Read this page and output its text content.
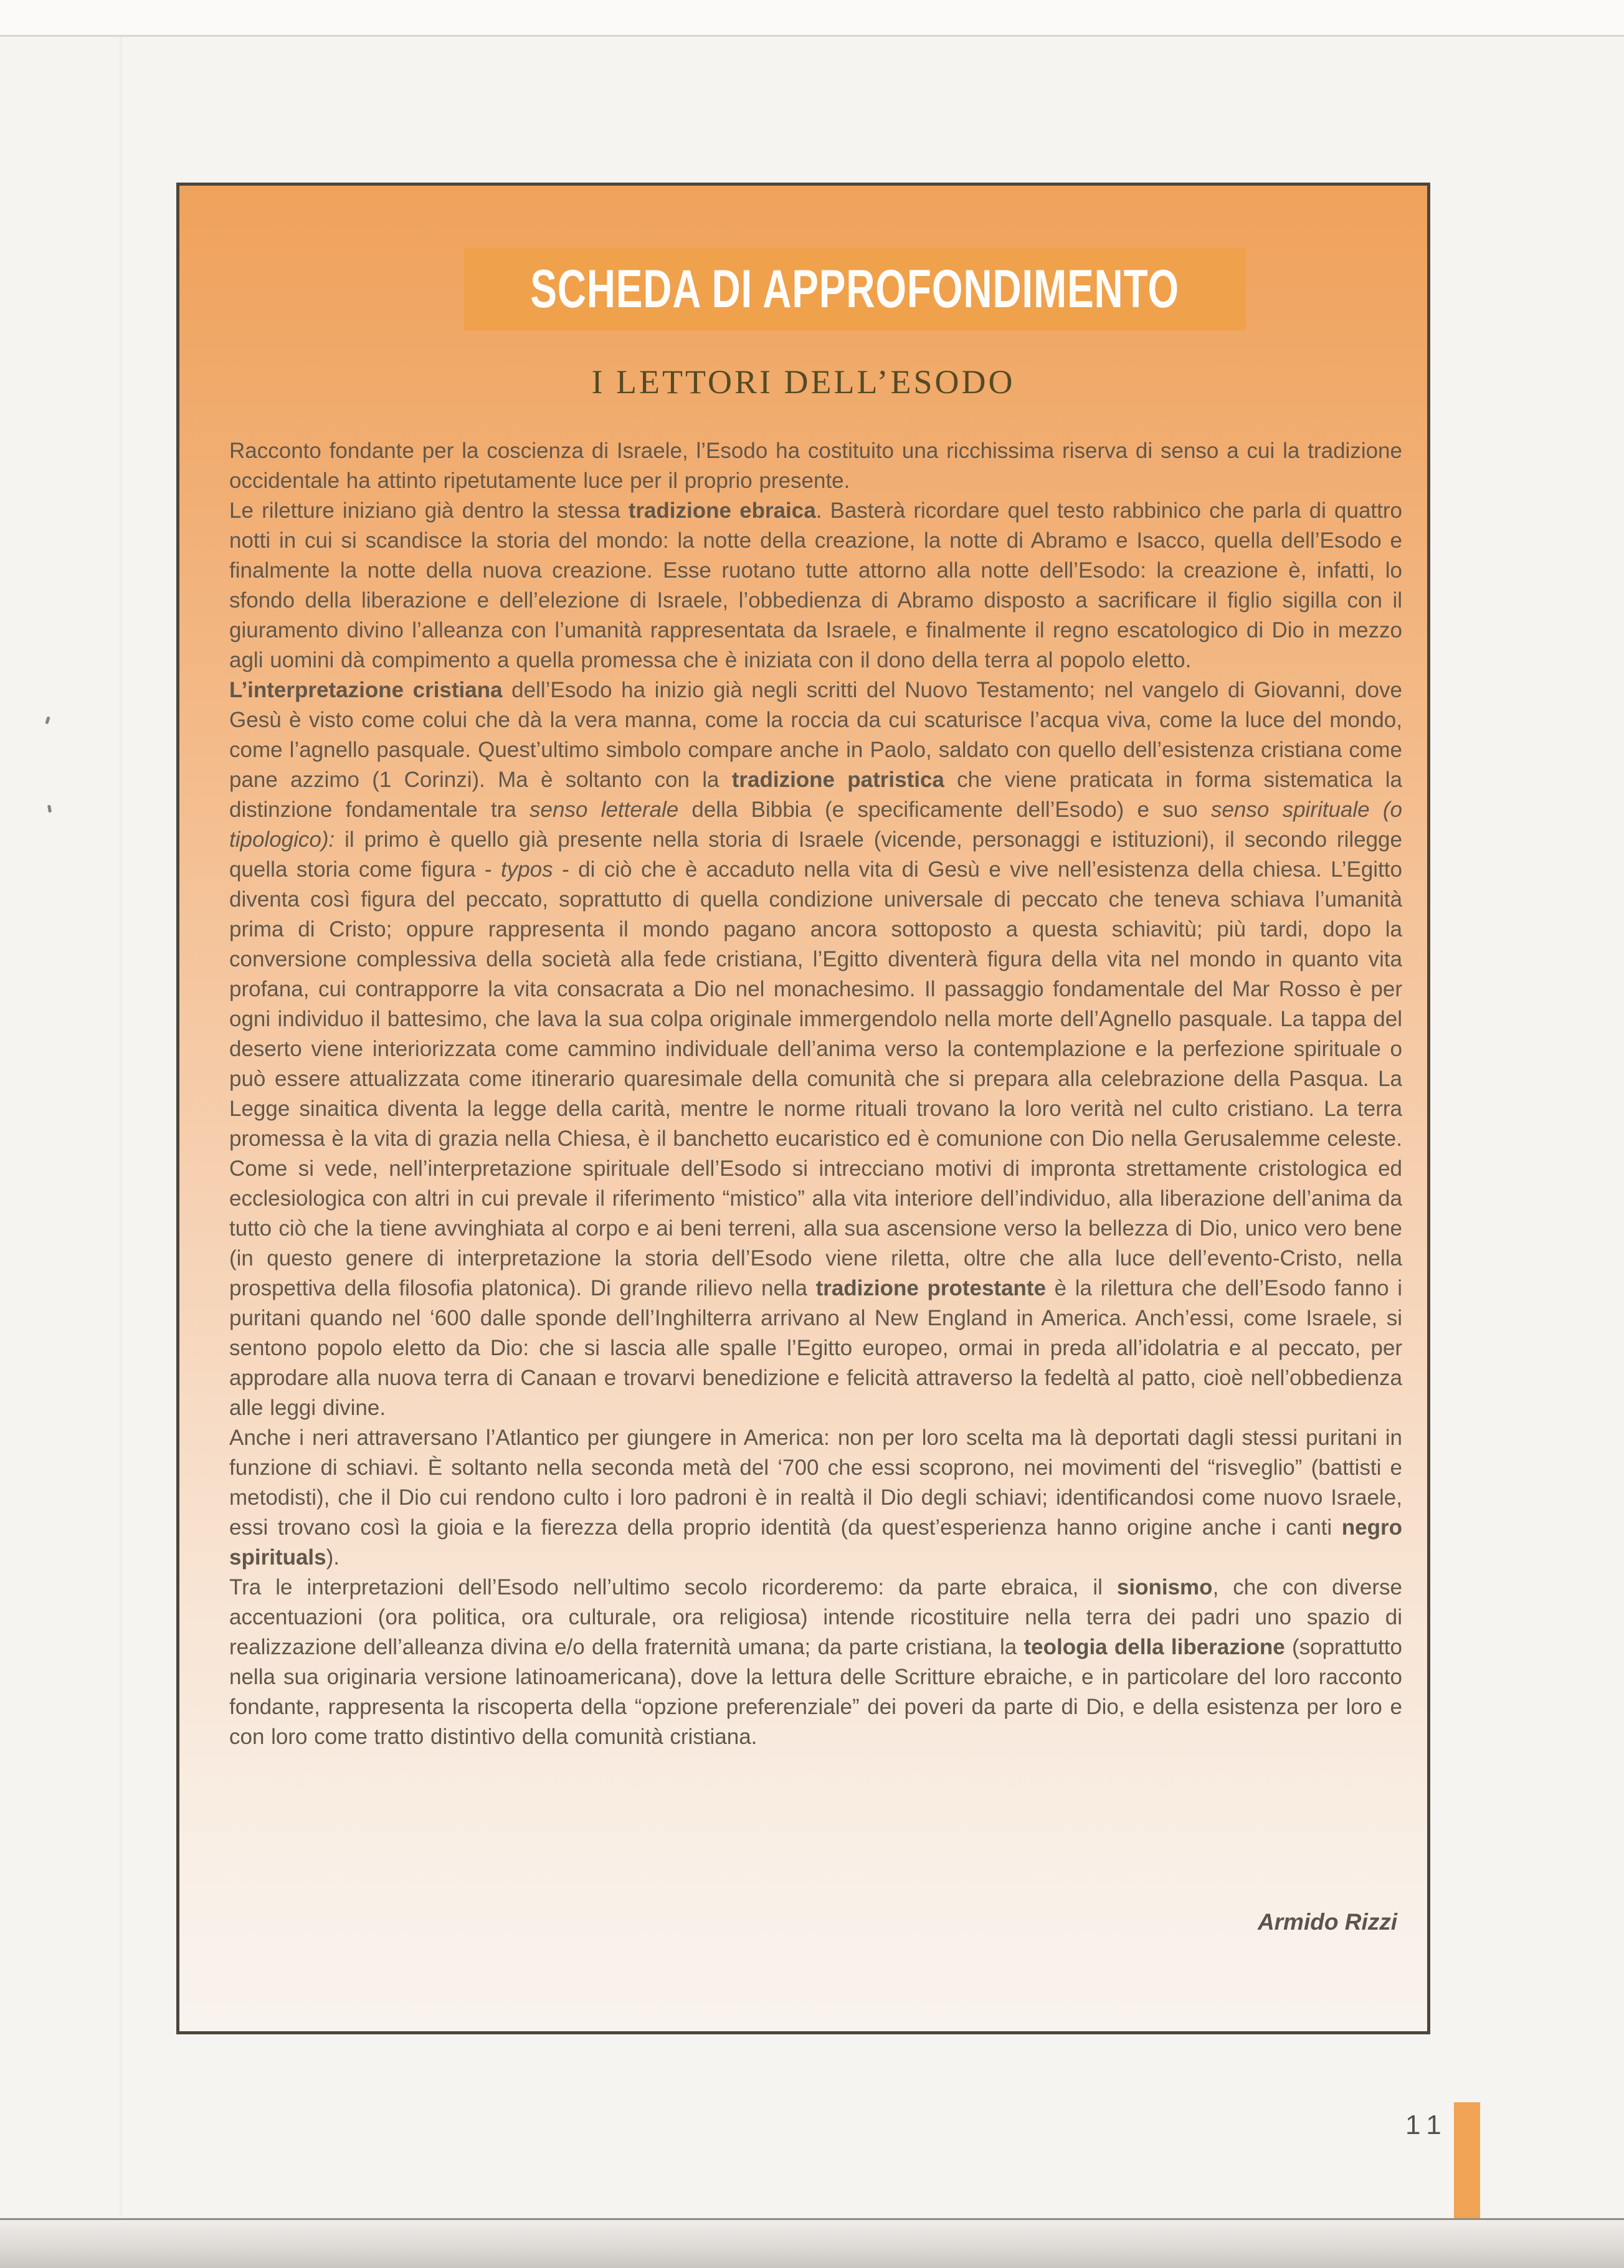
SCHEDA DI APPROFONDIMENTO
I LETTORI DELL’ESODO

Racconto fondante per la coscienza di Israele, l’Esodo ha costituito una ricchissima riserva di senso a cui la tradizione occidentale ha attinto ripetutamente luce per il proprio presente.

Le riletture iniziano già dentro la stessa tradizione ebraica. Basterà ricordare quel testo rabbinico che parla di quattro notti in cui si scandisce la storia del mondo: la notte della creazione, la notte di Abramo e Isacco, quella dell’Esodo e finalmente la notte della nuova creazione. Esse ruotano tutte attorno alla notte dell’Esodo: la creazione è, infatti, lo sfondo della liberazione e dell’elezione di Israele, l’obbedienza di Abramo disposto a sacrificare il figlio sigilla con il giuramento divino l’alleanza con l’umanità rappresentata da Israele, e finalmente il regno escatologico di Dio in mezzo agli uomini dà compimento a quella promessa che è iniziata con il dono della terra al popolo eletto.

L’interpretazione cristiana dell’Esodo ha inizio già negli scritti del Nuovo Testamento; nel vangelo di Giovanni, dove Gesù è visto come colui che dà la vera manna, come la roccia da cui scaturisce l’acqua viva, come la luce del mondo, come l’agnello pasquale. Quest’ultimo simbolo compare anche in Paolo, saldato con quello dell’esistenza cristiana come pane azzimo (1 Corinzi). Ma è soltanto con la tradizione patristica che viene praticata in forma sistematica la distinzione fondamentale tra senso letterale della Bibbia (e specificamente dell’Esodo) e suo senso spirituale (o tipologico): il primo è quello già presente nella storia di Israele (vicende, personaggi e istituzioni), il secondo rilegge quella storia come figura - typos - di ciò che è accaduto nella vita di Gesù e vive nell’esistenza della chiesa. L’Egitto diventa così figura del peccato, soprattutto di quella condizione universale di peccato che teneva schiava l’umanità prima di Cristo; oppure rappresenta il mondo pagano ancora sottoposto a questa schiavitù; più tardi, dopo la conversione complessiva della società alla fede cristiana, l’Egitto diventerà figura della vita nel mondo in quanto vita profana, cui contrapporre la vita consacrata a Dio nel monachesimo. Il passaggio fondamentale del Mar Rosso è per ogni individuo il battesimo, che lava la sua colpa originale immergendolo nella morte dell’Agnello pasquale. La tappa del deserto viene interiorizzata come cammino individuale dell’anima verso la contemplazione e la perfezione spirituale o può essere attualizzata come itinerario quaresimale della comunità che si prepara alla celebrazione della Pasqua. La Legge sinaitica diventa la legge della carità, mentre le norme rituali trovano la loro verità nel culto cristiano. La terra promessa è la vita di grazia nella Chiesa, è il banchetto eucaristico ed è comunione con Dio nella Gerusalemme celeste. Come si vede, nell’interpretazione spirituale dell’Esodo si intrecciano motivi di impronta strettamente cristologica ed ecclesiologica con altri in cui prevale il riferimento “mistico” alla vita interiore dell’individuo, alla liberazione dell’anima da tutto ciò che la tiene avvinghiata al corpo e ai beni terreni, alla sua ascensione verso la bellezza di Dio, unico vero bene (in questo genere di interpretazione la storia dell’Esodo viene riletta, oltre che alla luce dell’evento-Cristo, nella prospettiva della filosofia platonica). Di grande rilievo nella tradizione protestante è la rilettura che dell’Esodo fanno i puritani quando nel ‘600 dalle sponde dell’Inghilterra arrivano al New England in America. Anch’essi, come Israele, si sentono popolo eletto da Dio: che si lascia alle spalle l’Egitto europeo, ormai in preda all’idolatria e al peccato, per approdare alla nuova terra di Canaan e trovarvi benedizione e felicità attraverso la fedeltà al patto, cioè nell’obbedienza alle leggi divine.

Anche i neri attraversano l’Atlantico per giungere in America: non per loro scelta ma là deportati dagli stessi puritani in funzione di schiavi. È soltanto nella seconda metà del ‘700 che essi scoprono, nei movimenti del “risveglio” (battisti e metodisti), che il Dio cui rendono culto i loro padroni è in realtà il Dio degli schiavi; identificandosi come nuovo Israele, essi trovano così la gioia e la fierezza della proprio identità (da quest’esperienza hanno origine anche i canti negro spirituals).

Tra le interpretazioni dell’Esodo nell’ultimo secolo ricorderemo: da parte ebraica, il sionismo, che con diverse accentuazioni (ora politica, ora culturale, ora religiosa) intende ricostituire nella terra dei padri uno spazio di realizzazione dell’alleanza divina e/o della fraternità umana; da parte cristiana, la teologia della liberazione (soprattutto nella sua originaria versione latinoamericana), dove la lettura delle Scritture ebraiche, e in particolare del loro racconto fondante, rappresenta la riscoperta della “opzione preferenziale” dei poveri da parte di Dio, e della esistenza per loro e con loro come tratto distintivo della comunità cristiana.

Armido Rizzi
11
